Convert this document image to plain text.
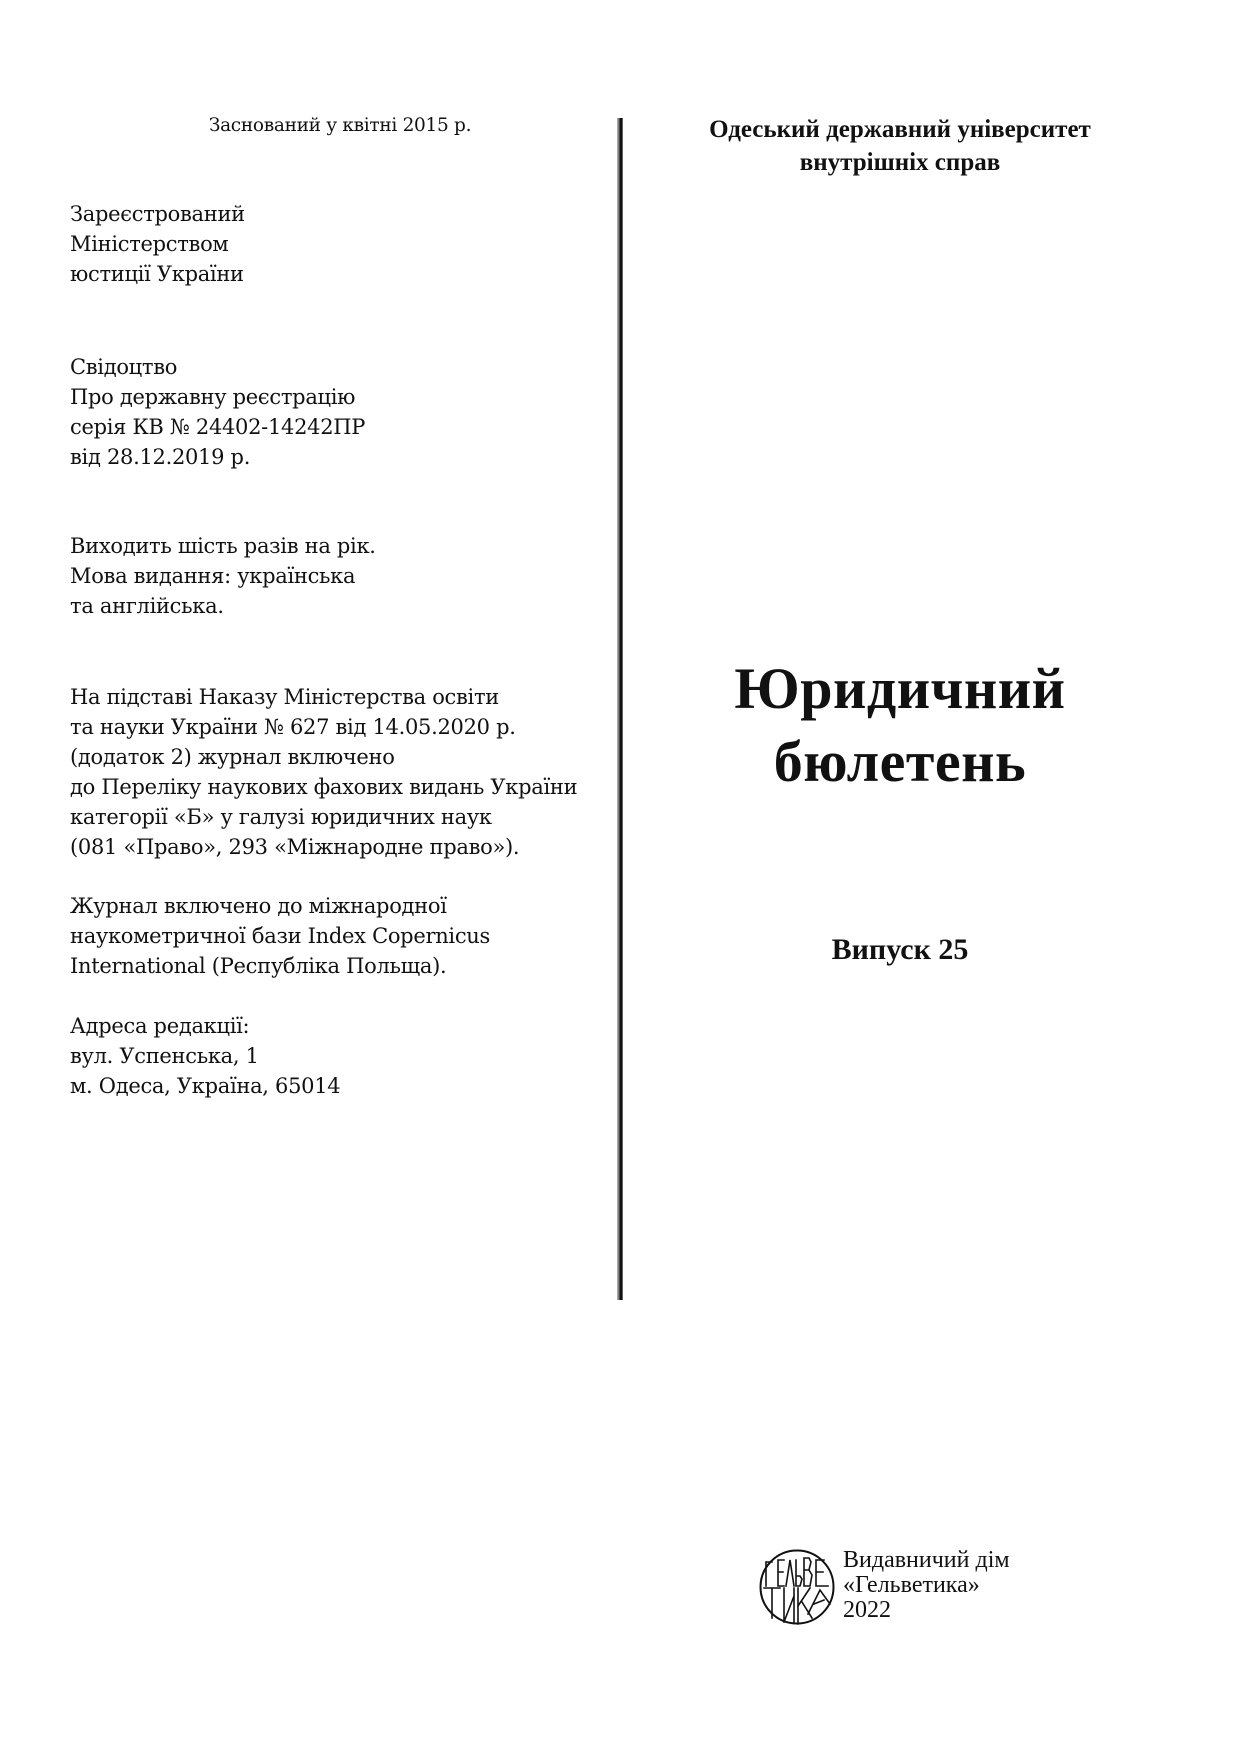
Заснований у квітні 2015 р.
Зареєстрований
Міністерством
юстиції України
Свідоцтво
Про державну реєстрацію
серія КВ № 24402-14242ПР
від 28.12.2019 р.
Виходить шість разів на рік.
Мова видання: українська
та англійська.
На підставі Наказу Міністерства освіти
та науки України № 627 від 14.05.2020 р.
(додаток 2) журнал включено
до Переліку наукових фахових видань України
категорії «Б» у галузі юридичних наук
(081 «Право», 293 «Міжнародне право»).
Журнал включено до міжнародної
наукометричної бази Index Copernicus
International (Республіка Польща).
Адреса редакції:
вул. Успенська, 1
м. Одеса, Україна, 65014
Одеський державний університет
внутрішніх справ
Юридичний
бюлетень
Випуск 25
Видавничий дім
«Гельветика»
2022
